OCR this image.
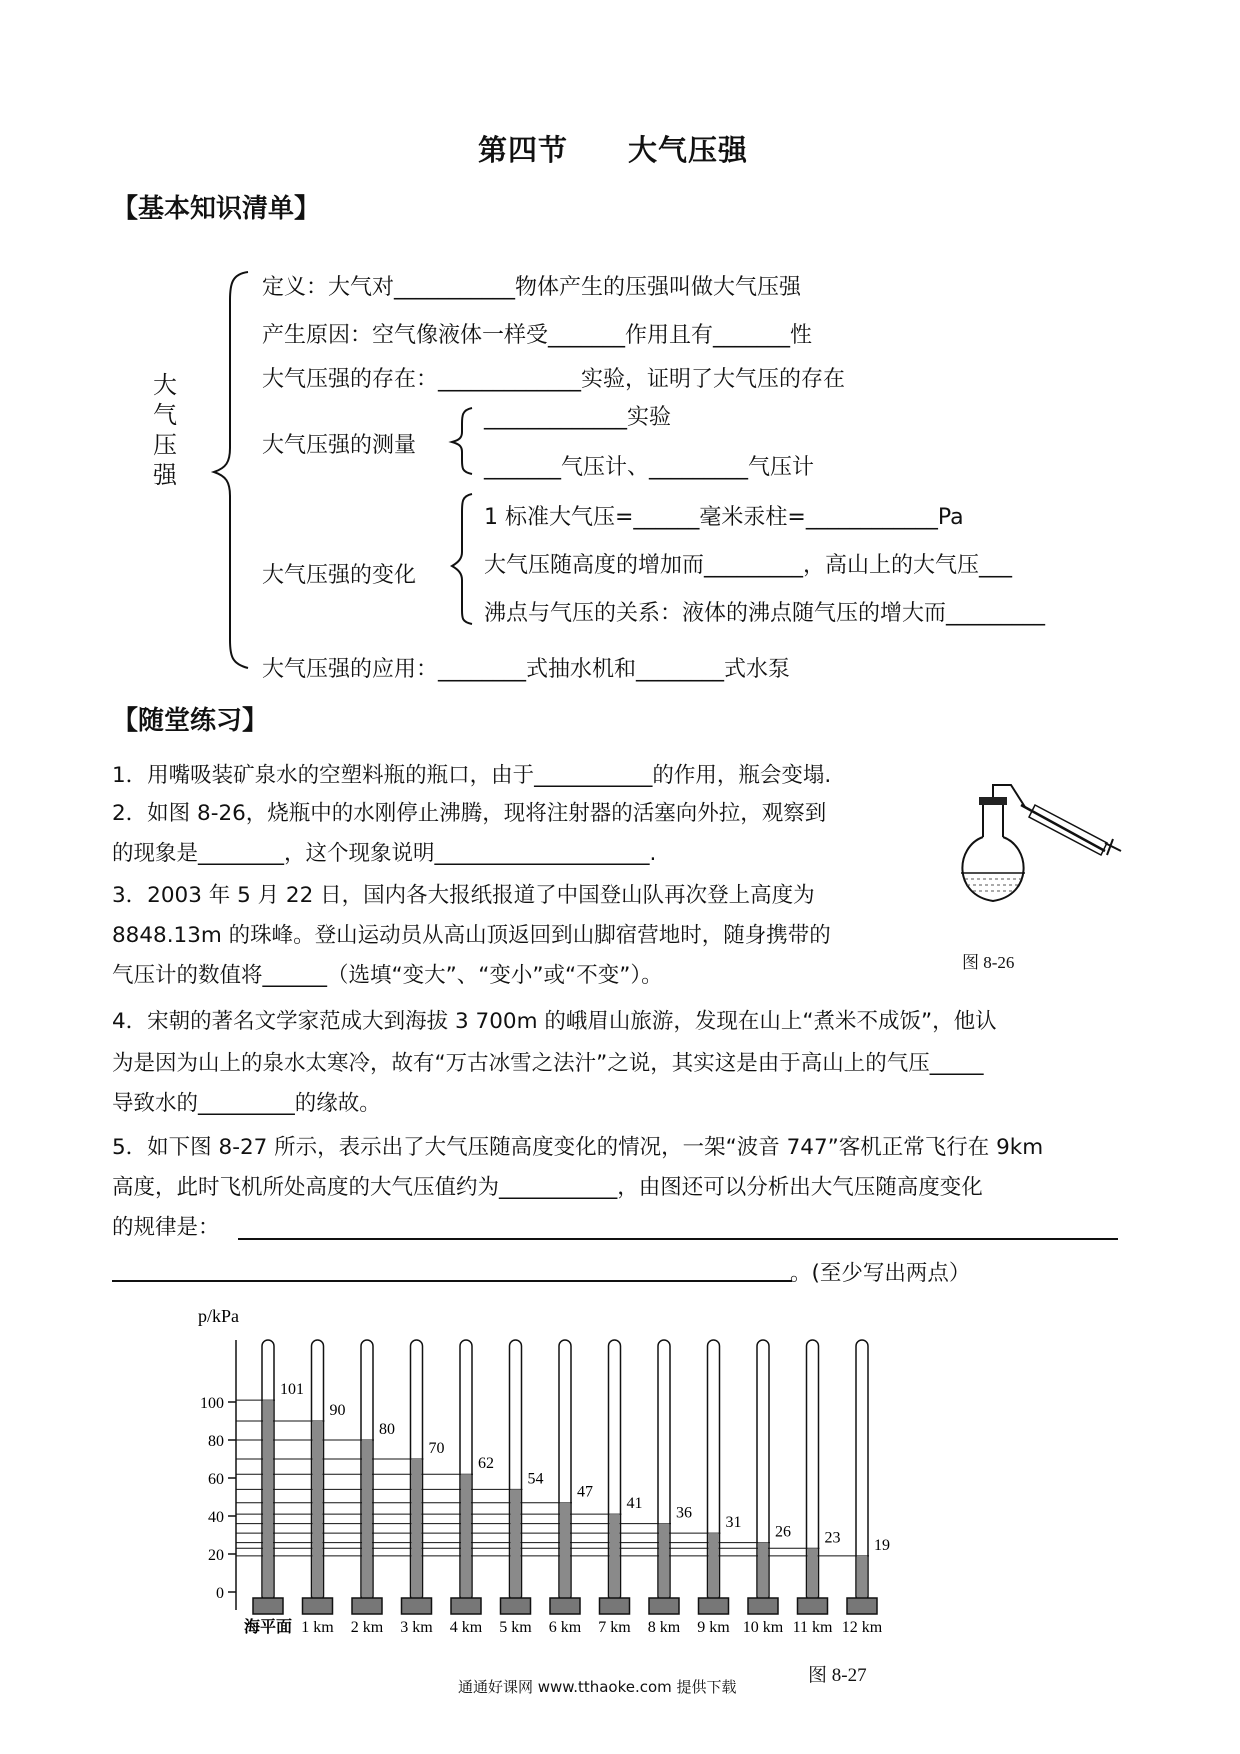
第四节　　大气压强
【基本知识清单】
大气压强
定义：大气对___________物体产生的压强叫做大气压强
产生原因：空气像液体一样受_______作用且有_______性
大气压强的存在：_____________实验，证明了大气压的存在
大气压强的测量
_____________实验
_______气压计、_________气压计
大气压强的变化
1 标准大气压=______毫米汞柱=____________Pa
大气压随高度的增加而_________，高山上的大气压___
沸点与气压的关系：液体的沸点随气压的增大而_________
大气压强的应用：________式抽水机和________式水泵
【随堂练习】
1．用嘴吸装矿泉水的空塑料瓶的瓶口，由于___________的作用，瓶会变塌.
2．如图 8-26，烧瓶中的水刚停止沸腾，现将注射器的活塞向外拉，观察到
的现象是________，这个现象说明____________________.
3．2003 年 5 月 22 日，国内各大报纸报道了中国登山队再次登上高度为
8848.13m 的珠峰。登山运动员从高山顶返回到山脚宿营地时，随身携带的
气压计的数值将______（选填“变大”、“变小”或“不变”）。
4．宋朝的著名文学家范成大到海拔 3 700m 的峨眉山旅游，发现在山上“煮米不成饭”，他认
为是因为山上的泉水太寒冷，故有“万古冰雪之法汁”之说，其实这是由于高山上的气压_____
导致水的_________的缘故。
5．如下图 8-27 所示，表示出了大气压随高度变化的情况，一架“波音 747”客机正常飞行在 9km
高度，此时飞机所处高度的大气压值约为___________，由图还可以分析出大气压随高度变化
的规律是：
。(至少写出两点）
图 8-26
p/kPa
0
20
40
60
80
100
101
90
80
70
62
54
47
41
36
31
26 23 19
海平面 1 km 2 km 3 km 4 km 5 km 6 km 7 km 8 km 9 km 10 km 11 km 12 km
通通好课网 www.tthaoke.com 提供下载
图 8-27
